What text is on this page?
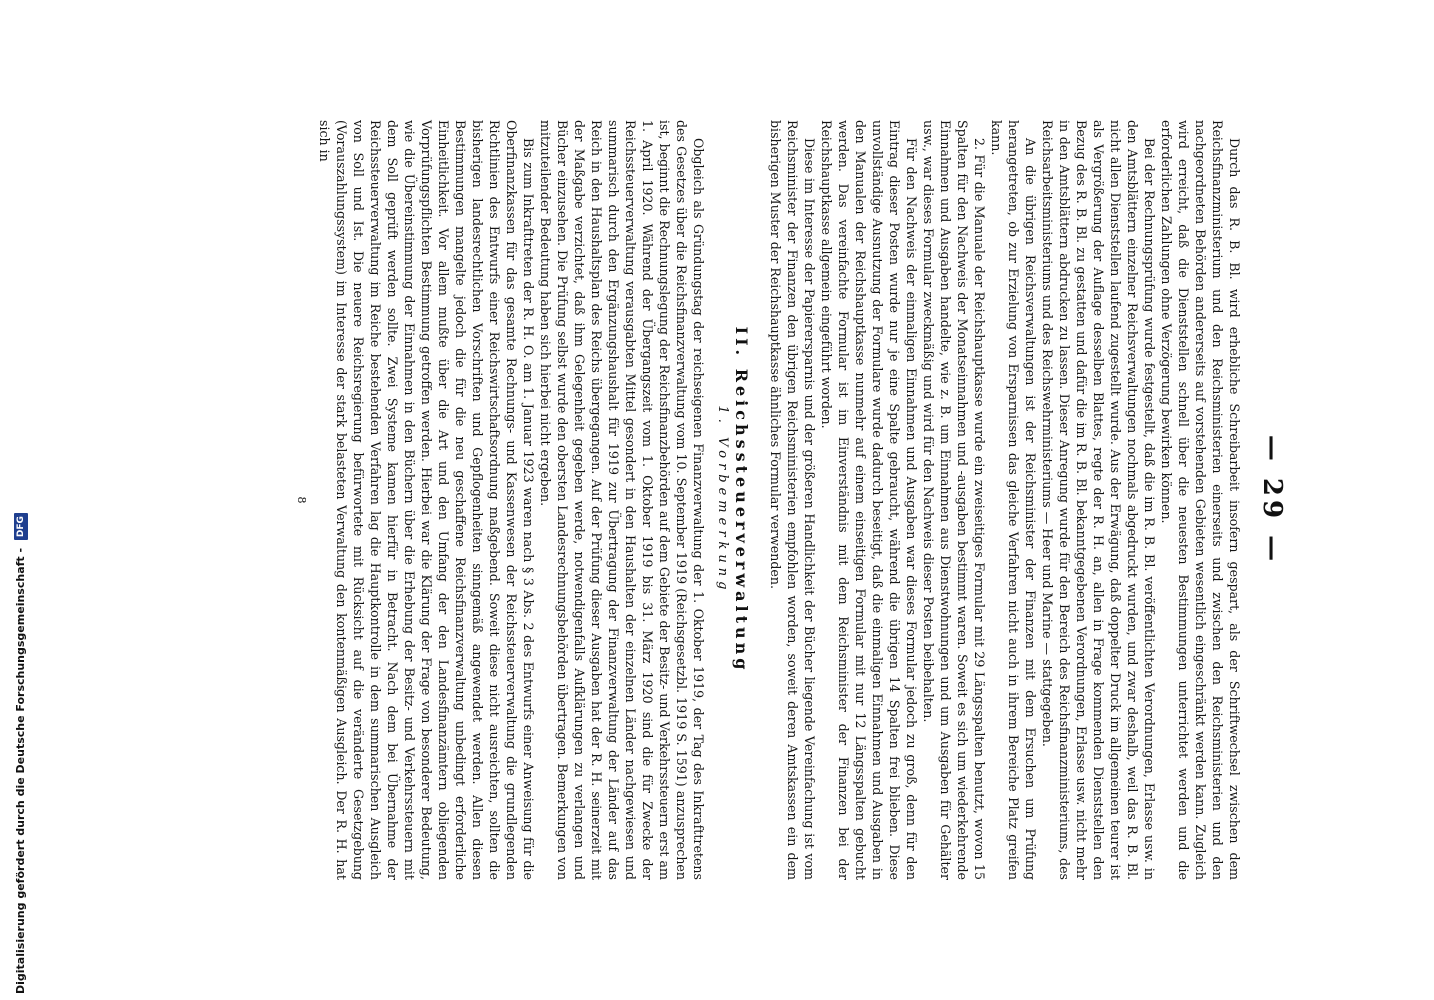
— 29 —

Durch das R. B. Bl. wird erhebliche Schreibarbeit insofern gespart, als der Schriftwechsel zwischen dem Reichsfinanzministerium und den Reichsministerien einerseits und zwischen den Reichsministerien und den nachgeordneten Behörden andererseits auf vorstehenden Gebieten wesentlich eingeschränkt werden kann. Zugleich wird erreicht, daß die Dienststellen schnell über die neuesten Bestimmungen unterrichtet werden und die erforderlichen Zahlungen ohne Verzögerung bewirken können.

Bei der Rechnungsprüfung wurde festgestellt, daß die im R. B. Bl. veröffentlichten Verordnungen, Erlasse usw. in den Amtsblättern einzelner Reichsverwaltungen nochmals abgedruckt wurden, und zwar deshalb, weil das R. B. Bl. nicht allen Dienststellen laufend zugestellt wurde. Aus der Erwägung, daß doppelter Druck im allgemeinen teurer ist als Vergrößerung der Auflage desselben Blattes, regte der R. H. an, allen in Frage kommenden Dienststellen den Bezug des R. B. Bl. zu gestatten und dafür die im R. B. Bl. bekanntgegebenen Verordnungen, Erlasse usw. nicht mehr in den Amtsblättern abdrucken zu lassen. Dieser Anregung wurde für den Bereich des Reichsfinanzministeriums, des Reichsarbeitsministeriums und des Reichswehrministeriums — Heer und Marine — stattgegeben.

An die übrigen Reichsverwaltungen ist der Reichsminister der Finanzen mit dem Ersuchen um Prüfung herangetreten, ob zur Erzielung von Ersparnissen das gleiche Verfahren nicht auch in ihrem Bereiche Platz greifen kann.

2. Für die Manuale der Reichshauptkasse wurde ein zweiseitiges Formular mit 29 Längsspalten benutzt, wovon 15 Spalten für den Nachweis der Monatseinnahmen und -ausgaben bestimmt waren. Soweit es sich um wiederkehrende Einnahmen und Ausgaben handelte, wie z. B. um Einnahmen aus Dienstwohnungen und um Ausgaben für Gehälter usw., war dieses Formular zweckmäßig und wird für den Nachweis dieser Posten beibehalten.

Für den Nachweis der einmaligen Einnahmen und Ausgaben war dieses Formular jedoch zu groß, denn für den Eintrag dieser Posten wurde nur je eine Spalte gebraucht, während die übrigen 14 Spalten frei blieben. Diese unvollständige Ausnutzung der Formulare wurde dadurch beseitigt, daß die einmaligen Einnahmen und Ausgaben in den Manualen der Reichshauptkasse nunmehr auf einem einseitigen Formular mit nur 12 Längsspalten gebucht werden. Das vereinfachte Formular ist im Einverständnis mit dem Reichsminister der Finanzen bei der Reichshauptkasse allgemein eingeführt worden.

Diese im Interesse der Papierersparnis und der größeren Handlichkeit der Bücher liegende Vereinfachung ist vom Reichsminister der Finanzen den übrigen Reichsministerien empfohlen worden, soweit deren Amtskassen ein dem bisherigen Muster der Reichshauptkasse ähnliches Formular verwenden.

II. Reichssteuerverwaltung
1. Vorbemerkung

Obgleich als Gründungstag der reichseigenen Finanzverwaltung der 1. Oktober 1919, der Tag des Inkrafttretens des Gesetzes über die Reichsfinanzverwaltung vom 10. September 1919 (Reichsgesetzbl. 1919 S. 1591) anzusprechen ist, beginnt die Rechnungslegung der Reichsfinanzbehörden auf dem Gebiete der Besitz- und Verkehrssteuern erst am 1. April 1920. Während der Übergangszeit vom 1. Oktober 1919 bis 31. März 1920 sind die für Zwecke der Reichssteuerverwaltung verausgabten Mittel gesondert in den Haushalten der einzelnen Länder nachgewiesen und summarisch durch den Ergänzungshaushalt für 1919 zur Übertragung der Finanzverwaltung der Länder auf das Reich in den Haushaltsplan des Reichs übergegangen. Auf der Prüfung dieser Ausgaben hat der R. H. seinerzeit mit der Maßgabe verzichtet, daß ihm Gelegenheit gegeben werde, notwendigenfalls Aufklärungen zu verlangen und Bücher einzusehen. Die Prüfung selbst wurde den obersten Landesrechnungsbehörden übertragen. Bemerkungen von mitzuteilender Bedeutung haben sich hierbei nicht ergeben.

Bis zum Inkrafttreten der R. H. O. am 1. Januar 1923 waren nach § 3 Abs. 2 des Entwurfs einer Anweisung für die Oberfinanzkassen für das gesamte Rechnungs- und Kassenwesen der Reichssteuerverwaltung die grundlegenden Richtlinien des Entwurfs einer Reichswirtschaftsordnung maßgebend. Soweit diese nicht ausreichten, sollten die bisherigen landesrechtlichen Vorschriften und Gepflogenheiten sinngemäß angewendet werden. Allen diesen Bestimmungen mangelte jedoch die für die neu geschaffene Reichsfinanzverwaltung unbedingt erforderliche Einheitlichkeit. Vor allem mußte über die Art und den Umfang der den Landesfinanzämtern obliegenden Vorprüfungspflichten Bestimmung getroffen werden. Hierbei war die Klärung der Frage von besonderer Bedeutung, wie die Übereinstimmung der Einnahmen in den Büchern über die Erhebung der Besitz- und Verkehrssteuern mit dem Soll geprüft werden sollte. Zwei Systeme kamen hierfür in Betracht. Nach dem bei Übernahme der Reichssteuerverwaltung im Reiche bestehenden Verfahren lag die Hauptkontrolle in dem summarischen Ausgleich von Soll und Ist. Die neuere Reichsregierung befürwortete mit Rücksicht auf die veränderte Gesetzgebung (Vorauszahlungssystem) im Interesse der stark belasteten Verwaltung den kontenmäßigen Ausgleich. Der R. H. hat sich in

8
Digitalisierung gefördert durch die Deutsche Forschungsgemeinschaft - DFG
